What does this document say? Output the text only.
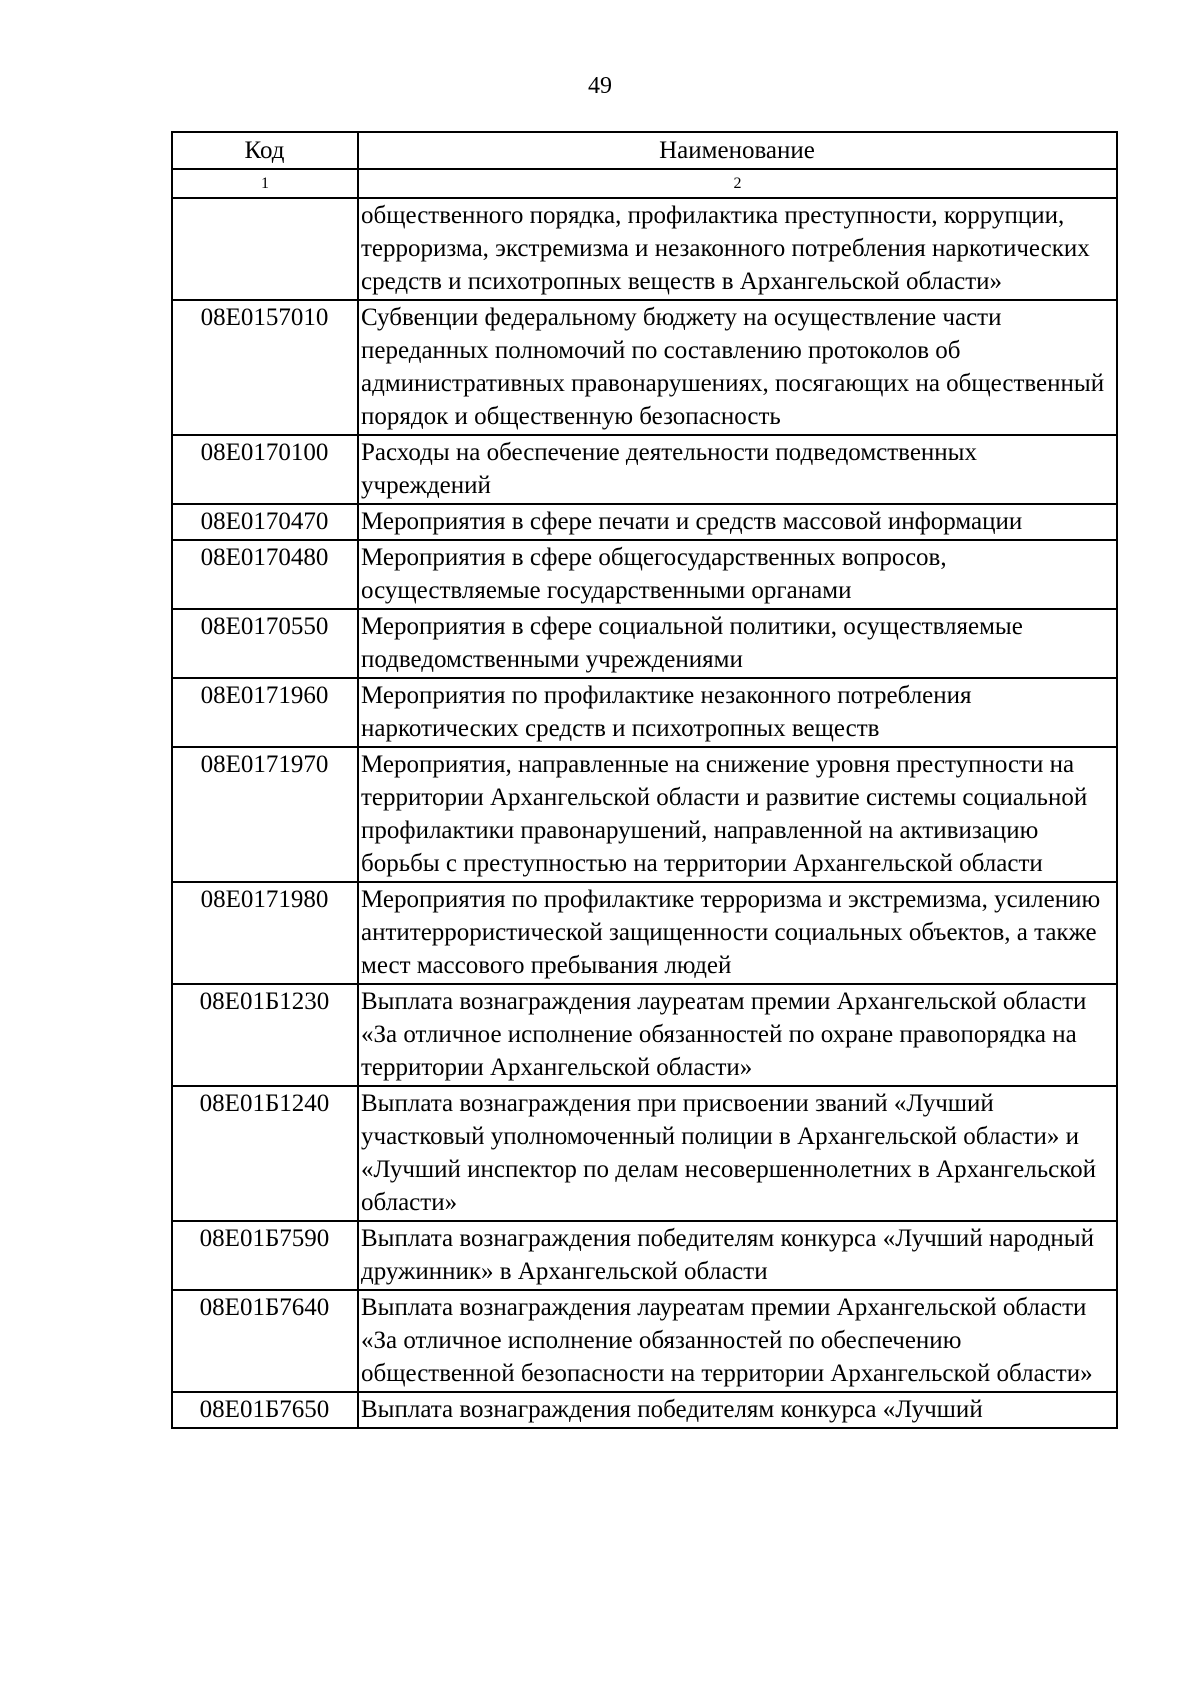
49
Код	Наименование
1	2
	общественного порядка, профилактика преступности, коррупции, терроризма, экстремизма и незаконного потребления наркотических средств и психотропных веществ в Архангельской области»
08Е0157010	Субвенции федеральному бюджету на осуществление части переданных полномочий по составлению протоколов об административных правонарушениях, посягающих на общественный порядок и общественную безопасность
08Е0170100	Расходы на обеспечение деятельности подведомственных учреждений
08Е0170470	Мероприятия в сфере печати и средств массовой информации
08Е0170480	Мероприятия в сфере общегосударственных вопросов, осуществляемые государственными органами
08Е0170550	Мероприятия в сфере социальной политики, осуществляемые подведомственными учреждениями
08Е0171960	Мероприятия по профилактике незаконного потребления наркотических средств и психотропных веществ
08Е0171970	Мероприятия, направленные на снижение уровня преступности на территории Архангельской области и развитие системы социальной профилактики правонарушений, направленной на активизацию борьбы с преступностью на территории Архангельской области
08Е0171980	Мероприятия по профилактике терроризма и экстремизма, усилению антитеррористической защищенности социальных объектов, а также мест массового пребывания людей
08Е01Б1230	Выплата вознаграждения лауреатам премии Архангельской области «За отличное исполнение обязанностей по охране правопорядка на территории Архангельской области»
08Е01Б1240	Выплата вознаграждения при присвоении званий «Лучший участковый уполномоченный полиции в Архангельской области» и «Лучший инспектор по делам несовершеннолетних в Архангельской области»
08Е01Б7590	Выплата вознаграждения победителям конкурса «Лучший народный дружинник» в Архангельской области
08Е01Б7640	Выплата вознаграждения лауреатам премии Архангельской области «За отличное исполнение обязанностей по обеспечению общественной безопасности на территории Архангельской области»
08Е01Б7650	Выплата вознаграждения победителям конкурса «Лучший
